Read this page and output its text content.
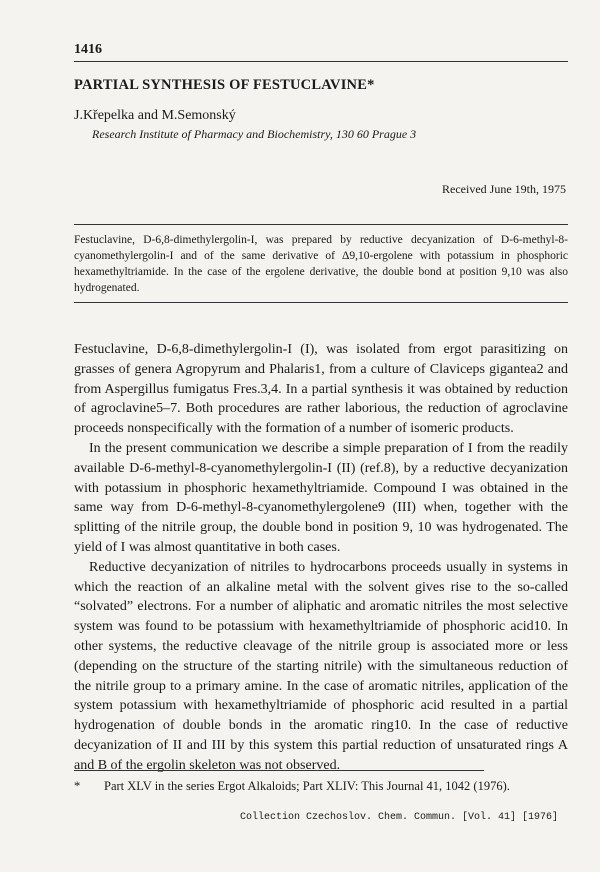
1416
PARTIAL SYNTHESIS OF FESTUCLAVINE*
J.Křepelka and M.Semonský
Research Institute of Pharmacy and Biochemistry, 130 60 Prague 3
Received June 19th, 1975

Festuclavine, D-6,8-dimethylergolin-I, was prepared by reductive decyanization of D-6-methyl-8-cyanomethylergolin-I and of the same derivative of Δ9,10-ergolene with potassium in phosphoric hexamethyltriamide. In the case of the ergolene derivative, the double bond at position 9,10 was also hydrogenated.

Festuclavine, D-6,8-dimethylergolin-I (I), was isolated from ergot parasitizing on grasses of genera Agropyrum and Phalaris1, from a culture of Claviceps gigantea2 and from Aspergillus fumigatus Fres.3,4. In a partial synthesis it was obtained by reduction of agroclavine5–7. Both procedures are rather laborious, the reduction of agroclavine proceeds nonspecifically with the formation of a number of isomeric products.

In the present communication we describe a simple preparation of I from the readily available D-6-methyl-8-cyanomethylergolin-I (II) (ref.8), by a reductive decyanization with potassium in phosphoric hexamethyltriamide. Compound I was obtained in the same way from D-6-methyl-8-cyanomethylergolene9 (III) when, together with the splitting of the nitrile group, the double bond in position 9, 10 was hydrogenated. The yield of I was almost quantitative in both cases.

Reductive decyanization of nitriles to hydrocarbons proceeds usually in systems in which the reaction of an alkaline metal with the solvent gives rise to the so-called “solvated” electrons. For a number of aliphatic and aromatic nitriles the most selective system was found to be potassium with hexamethyltriamide of phosphoric acid10. In other systems, the reductive cleavage of the nitrile group is associated more or less (depending on the structure of the starting nitrile) with the simultaneous reduction of the nitrile group to a primary amine. In the case of aromatic nitriles, application of the system potassium with hexamethyltriamide of phosphoric acid resulted in a partial hydrogenation of double bonds in the aromatic ring10. In the case of reductive decyanization of II and III by this system this partial reduction of unsaturated rings A and B of the ergolin skeleton was not observed.

* Part XLV in the series Ergot Alkaloids; Part XLIV: This Journal 41, 1042 (1976).
Collection Czechoslov. Chem. Commun. [Vol. 41] [1976]
